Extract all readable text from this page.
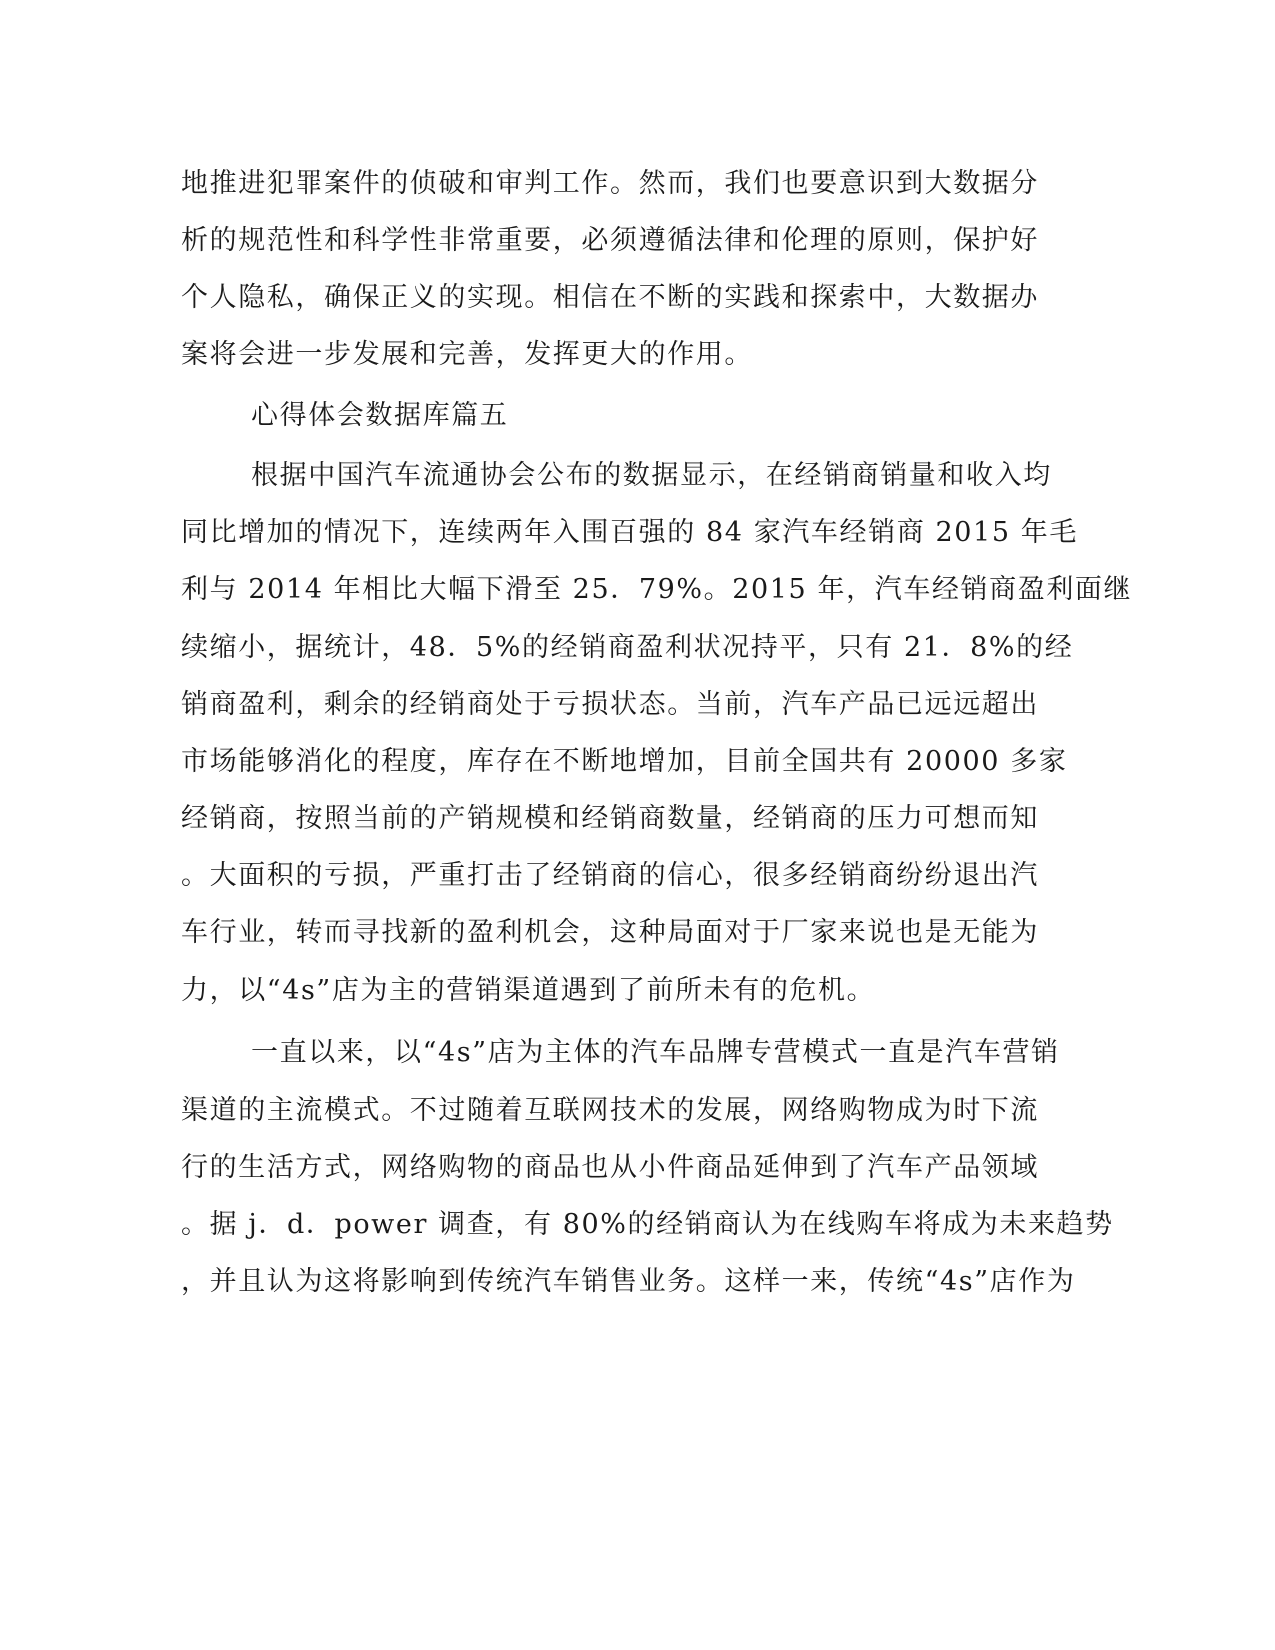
地推进犯罪案件的侦破和审判工作。然而，我们也要意识到大数据分
析的规范性和科学性非常重要，必须遵循法律和伦理的原则，保护好
个人隐私，确保正义的实现。相信在不断的实践和探索中，大数据办
案将会进一步发展和完善，发挥更大的作用。
心得体会数据库篇五
根据中国汽车流通协会公布的数据显示，在经销商销量和收入均
同比增加的情况下，连续两年入围百强的 84 家汽车经销商 2015 年毛
利与 2014 年相比大幅下滑至 25．79%。2015 年，汽车经销商盈利面继
续缩小，据统计，48．5%的经销商盈利状况持平，只有 21．8%的经
销商盈利，剩余的经销商处于亏损状态。当前，汽车产品已远远超出
市场能够消化的程度，库存在不断地增加，目前全国共有 20000 多家
经销商，按照当前的产销规模和经销商数量，经销商的压力可想而知
。大面积的亏损，严重打击了经销商的信心，很多经销商纷纷退出汽
车行业，转而寻找新的盈利机会，这种局面对于厂家来说也是无能为
力，以“4s”店为主的营销渠道遇到了前所未有的危机。
一直以来，以“4s”店为主体的汽车品牌专营模式一直是汽车营销
渠道的主流模式。不过随着互联网技术的发展，网络购物成为时下流
行的生活方式，网络购物的商品也从小件商品延伸到了汽车产品领域
。据 j．d．power 调查，有 80%的经销商认为在线购车将成为未来趋势
，并且认为这将影响到传统汽车销售业务。这样一来，传统“4s”店作为
